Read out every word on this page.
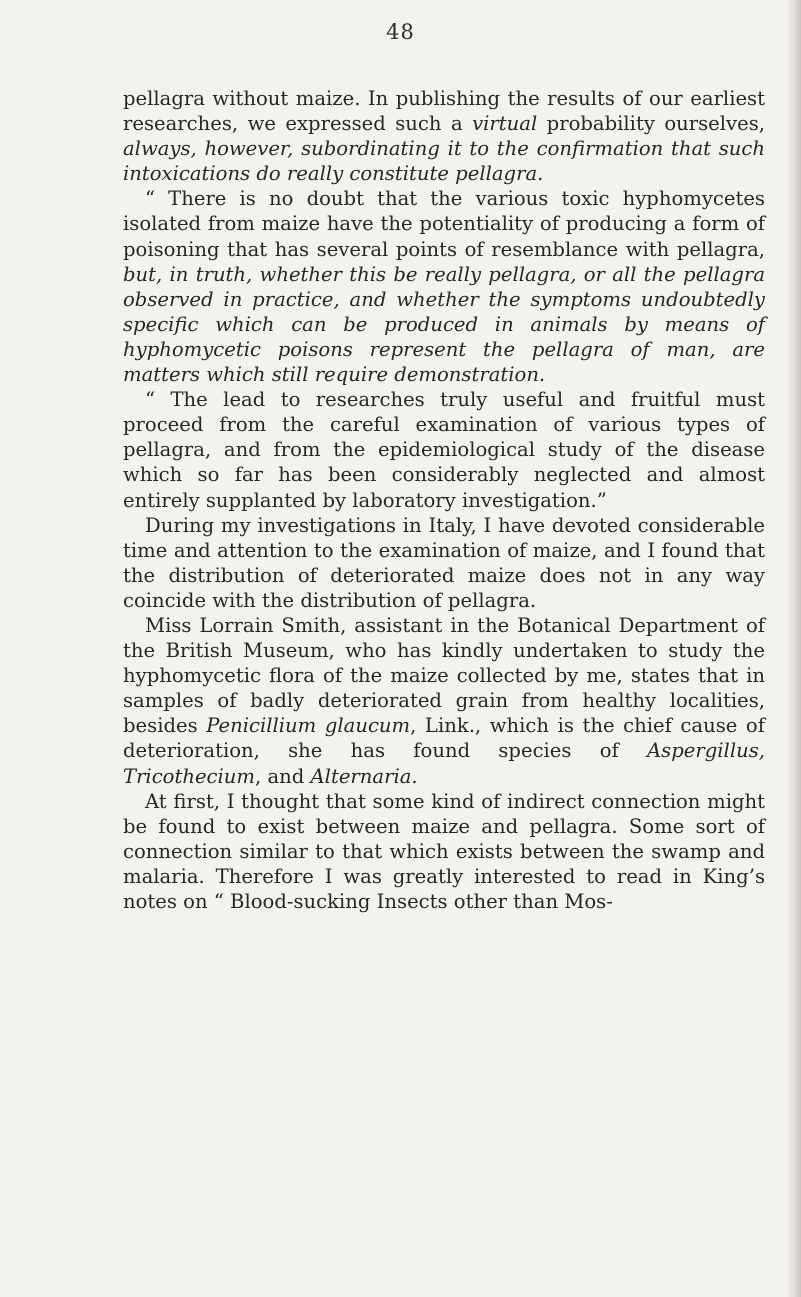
48

pellagra without maize. In publishing the results of our earliest researches, we expressed such a virtual probability ourselves, always, however, subordinating it to the confirmation that such intoxications do really constitute pellagra.

“ There is no doubt that the various toxic hyphomycetes isolated from maize have the potentiality of producing a form of poisoning that has several points of resemblance with pellagra, but, in truth, whether this be really pellagra, or all the pellagra observed in practice, and whether the symptoms undoubtedly specific which can be produced in animals by means of hyphomycetic poisons represent the pellagra of man, are matters which still require demonstration.

“ The lead to researches truly useful and fruitful must proceed from the careful examination of various types of pellagra, and from the epidemiological study of the disease which so far has been considerably neglected and almost entirely supplanted by laboratory investigation.”

During my investigations in Italy, I have devoted considerable time and attention to the examination of maize, and I found that the distribution of deteriorated maize does not in any way coincide with the distribution of pellagra.

Miss Lorrain Smith, assistant in the Botanical Department of the British Museum, who has kindly undertaken to study the hyphomycetic flora of the maize collected by me, states that in samples of badly deteriorated grain from healthy localities, besides Penicillium glaucum, Link., which is the chief cause of deterioration, she has found species of Aspergillus, Tricothecium, and Alternaria.

At first, I thought that some kind of indirect connection might be found to exist between maize and pellagra. Some sort of connection similar to that which exists between the swamp and malaria. Therefore I was greatly interested to read in King’s notes on “ Blood-sucking Insects other than Mos-
